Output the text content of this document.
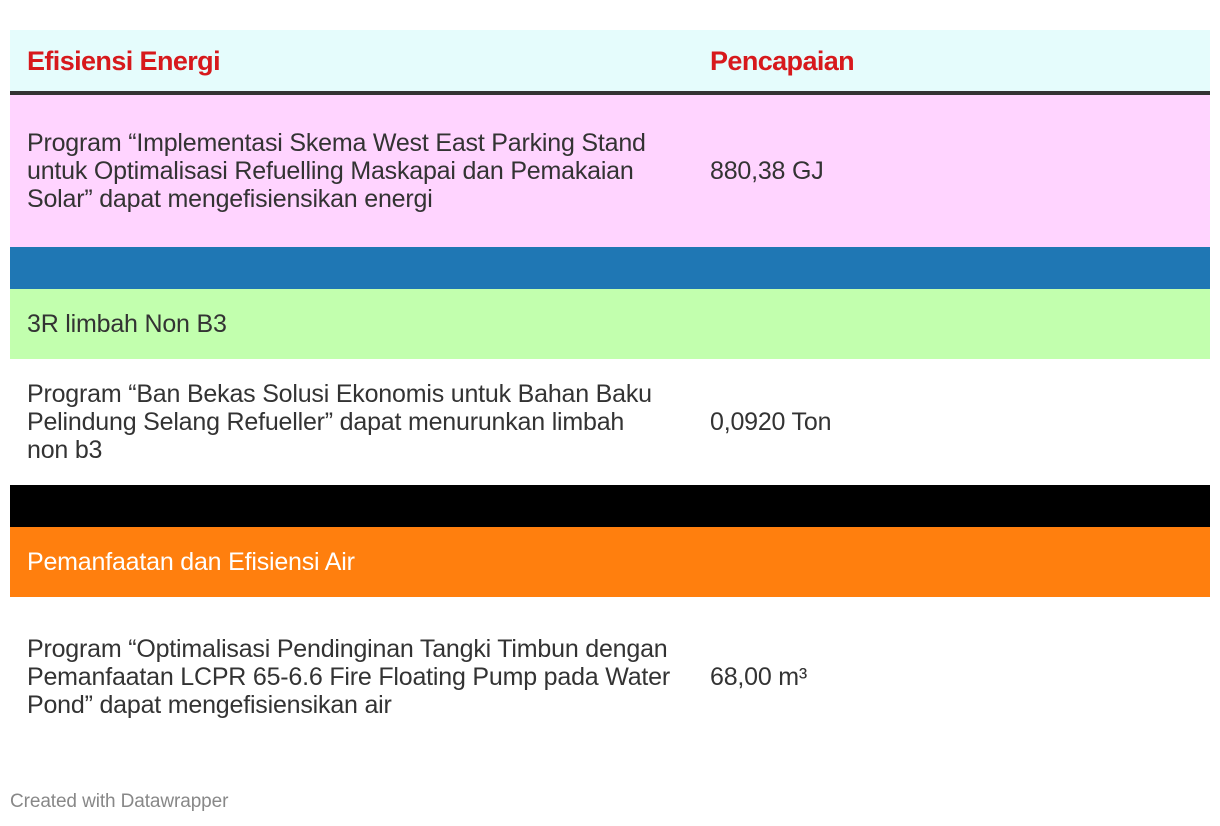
Efisiensi Energi	Pencapaian
Program “Implementasi Skema West East Parking Stand untuk Optimalisasi Refuelling Maskapai dan Pemakaian Solar” dapat mengefisiensikan energi
880,38 GJ
3R limbah Non B3
Program “Ban Bekas Solusi Ekonomis untuk Bahan Baku Pelindung Selang Refueller” dapat menurunkan limbah non b3
0,0920 Ton
Pemanfaatan dan Efisiensi Air
Program “Optimalisasi Pendinginan Tangki Timbun dengan Pemanfaatan LCPR 65-6.6 Fire Floating Pump pada Water Pond” dapat mengefisiensikan air
68,00 m³
Created with Datawrapper
